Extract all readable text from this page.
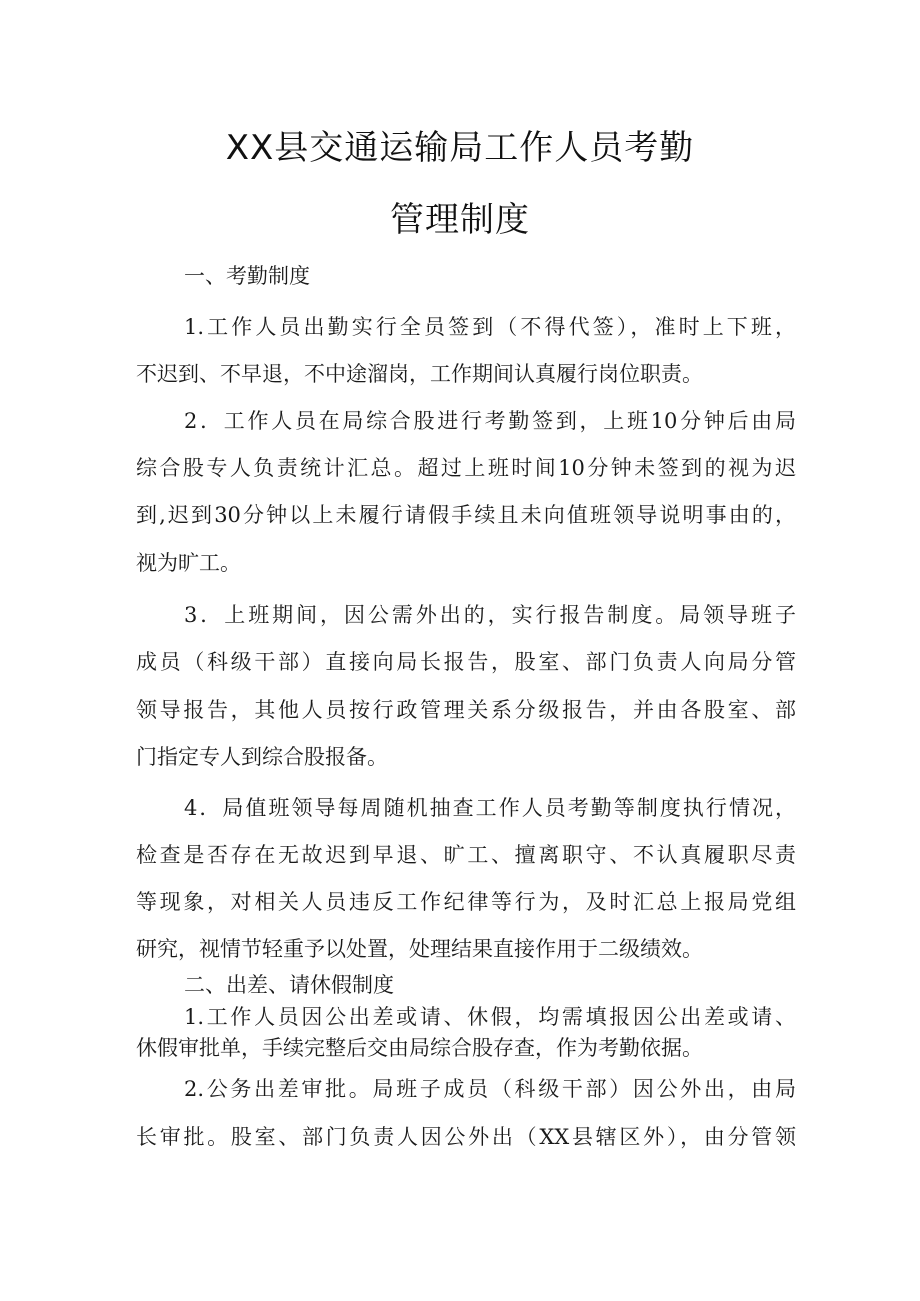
XX县交通运输局工作人员考勤
管理制度
一、考勤制度
1.工作人员出勤实行全员签到（不得代签），准时上下班，
不迟到、不早退，不中途溜岗，工作期间认真履行岗位职责。
2．工作人员在局综合股进行考勤签到，上班10分钟后由局
综合股专人负责统计汇总。超过上班时间10分钟未签到的视为迟
到,迟到30分钟以上未履行请假手续且未向值班领导说明事由的，
视为旷工。
3．上班期间，因公需外出的，实行报告制度。局领导班子
成员（科级干部）直接向局长报告，股室、部门负责人向局分管
领导报告，其他人员按行政管理关系分级报告，并由各股室、部
门指定专人到综合股报备。
4．局值班领导每周随机抽查工作人员考勤等制度执行情况，
检查是否存在无故迟到早退、旷工、擅离职守、不认真履职尽责
等现象，对相关人员违反工作纪律等行为，及时汇总上报局党组
研究，视情节轻重予以处置，处理结果直接作用于二级绩效。
二、出差、请休假制度
1.工作人员因公出差或请、休假，均需填报因公出差或请、
休假审批单，手续完整后交由局综合股存查，作为考勤依据。
2.公务出差审批。局班子成员（科级干部）因公外出，由局
长审批。股室、部门负责人因公外出（XX县辖区外），由分管领
